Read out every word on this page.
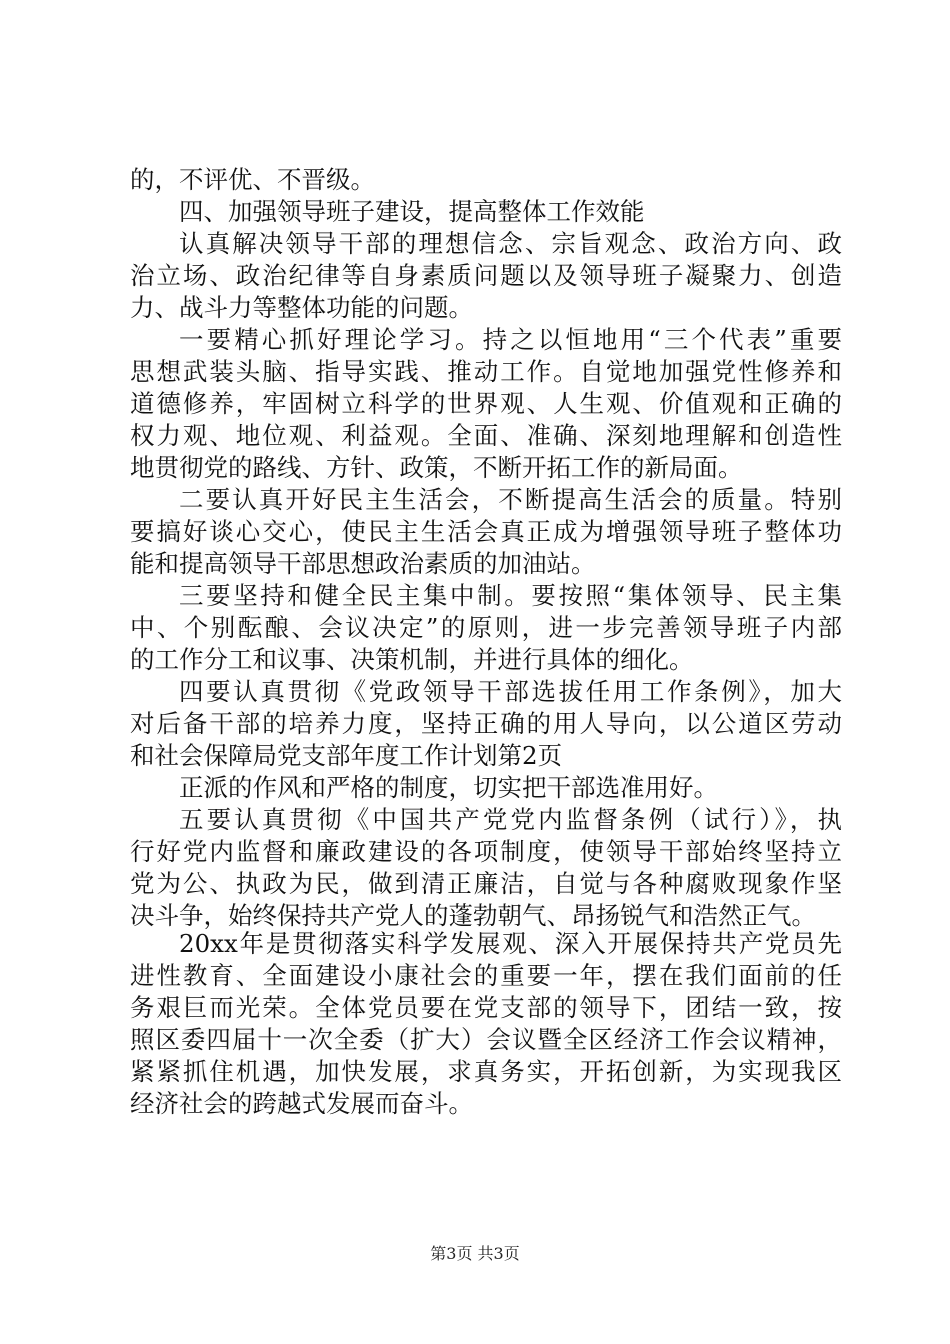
的，不评优、不晋级。
四、加强领导班子建设，提高整体工作效能
认真解决领导干部的理想信念、宗旨观念、政治方向、政
治立场、政治纪律等自身素质问题以及领导班子凝聚力、创造
力、战斗力等整体功能的问题。
一要精心抓好理论学习。持之以恒地用“三个代表”重要
思想武装头脑、指导实践、推动工作。自觉地加强党性修养和
道德修养，牢固树立科学的世界观、人生观、价值观和正确的
权力观、地位观、利益观。全面、准确、深刻地理解和创造性
地贯彻党的路线、方针、政策，不断开拓工作的新局面。
二要认真开好民主生活会，不断提高生活会的质量。特别
要搞好谈心交心，使民主生活会真正成为增强领导班子整体功
能和提高领导干部思想政治素质的加油站。
三要坚持和健全民主集中制。要按照“集体领导、民主集
中、个别酝酿、会议决定”的原则，进一步完善领导班子内部
的工作分工和议事、决策机制，并进行具体的细化。
四要认真贯彻《党政领导干部选拔任用工作条例》，加大
对后备干部的培养力度，坚持正确的用人导向，以公道区劳动
和社会保障局党支部年度工作计划第2页
正派的作风和严格的制度，切实把干部选准用好。
五要认真贯彻《中国共产党党内监督条例（试行）》，执
行好党内监督和廉政建设的各项制度，使领导干部始终坚持立
党为公、执政为民，做到清正廉洁，自觉与各种腐败现象作坚
决斗争，始终保持共产党人的蓬勃朝气、昂扬锐气和浩然正气。
20xx年是贯彻落实科学发展观、深入开展保持共产党员先
进性教育、全面建设小康社会的重要一年，摆在我们面前的任
务艰巨而光荣。全体党员要在党支部的领导下，团结一致，按
照区委四届十一次全委（扩大）会议暨全区经济工作会议精神，
紧紧抓住机遇，加快发展，求真务实，开拓创新，为实现我区
经济社会的跨越式发展而奋斗。
第3页 共3页
